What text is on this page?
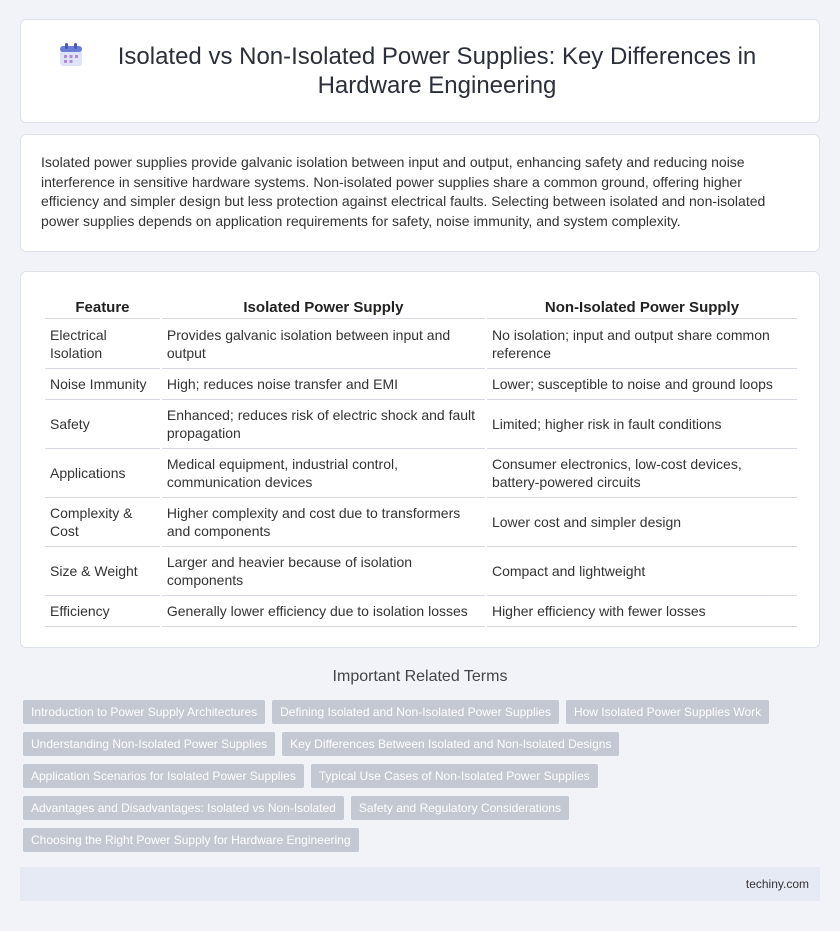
Isolated vs Non-Isolated Power Supplies: Key Differences in Hardware Engineering

Isolated power supplies provide galvanic isolation between input and output, enhancing safety and reducing noise interference in sensitive hardware systems. Non-isolated power supplies share a common ground, offering higher efficiency and simpler design but less protection against electrical faults. Selecting between isolated and non-isolated power supplies depends on application requirements for safety, noise immunity, and system complexity.

Feature	Isolated Power Supply	Non-Isolated Power Supply
Electrical Isolation	Provides galvanic isolation between input and output	No isolation; input and output share common reference
Noise Immunity	High; reduces noise transfer and EMI	Lower; susceptible to noise and ground loops
Safety	Enhanced; reduces risk of electric shock and fault propagation	Limited; higher risk in fault conditions
Applications	Medical equipment, industrial control, communication devices	Consumer electronics, low-cost devices, battery-powered circuits
Complexity & Cost	Higher complexity and cost due to transformers and components	Lower cost and simpler design
Size & Weight	Larger and heavier because of isolation components	Compact and lightweight
Efficiency	Generally lower efficiency due to isolation losses	Higher efficiency with fewer losses
Important Related Terms
Introduction to Power Supply Architectures	Defining Isolated and Non-Isolated Power Supplies	How Isolated Power Supplies Work
Understanding Non-Isolated Power Supplies	Key Differences Between Isolated and Non-Isolated Designs
Application Scenarios for Isolated Power Supplies	Typical Use Cases of Non-Isolated Power Supplies
Advantages and Disadvantages: Isolated vs Non-Isolated	Safety and Regulatory Considerations
Choosing the Right Power Supply for Hardware Engineering
techiny.com
